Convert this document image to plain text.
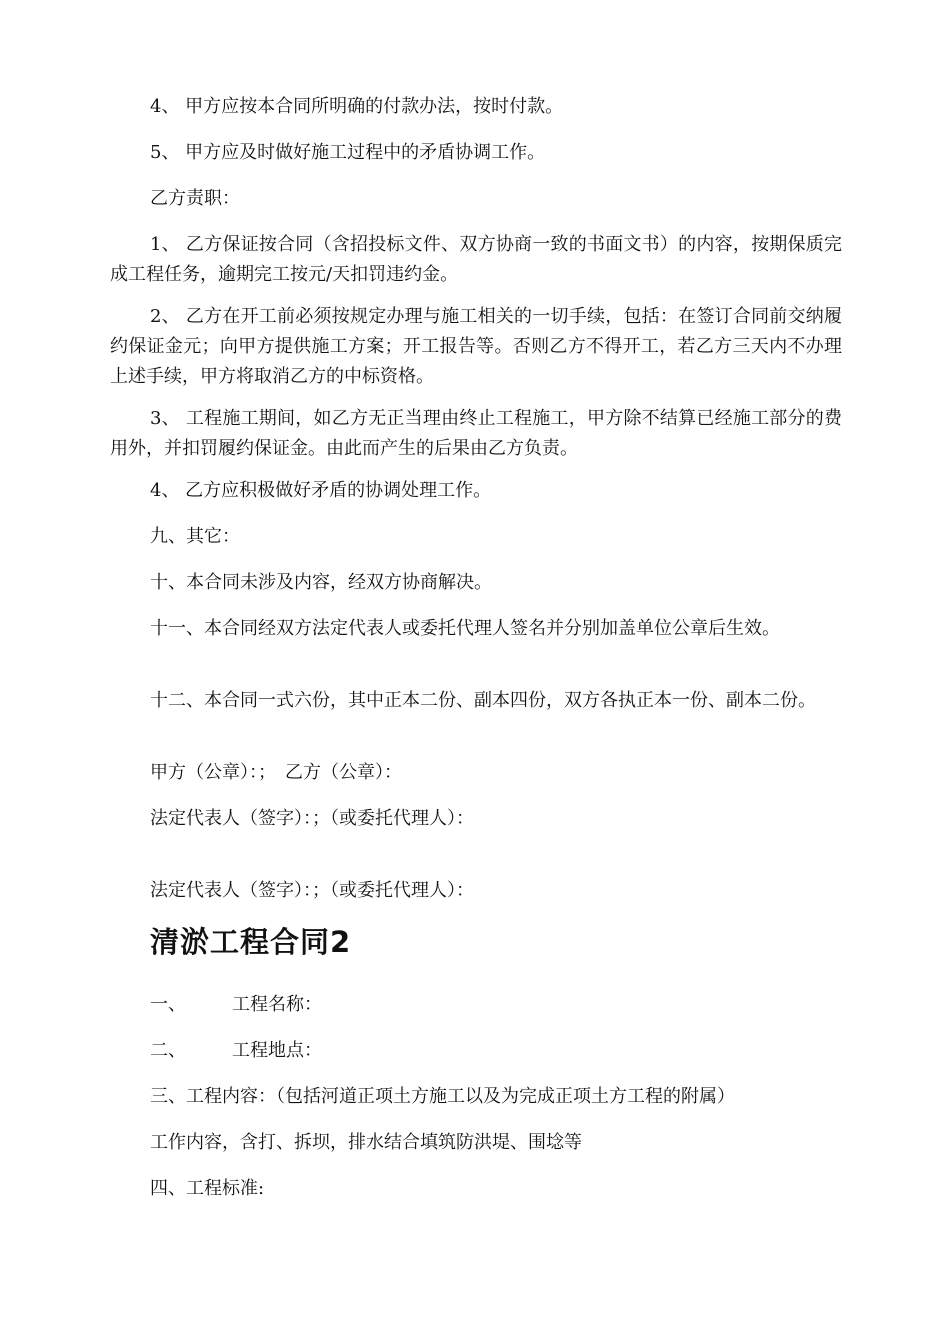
4、 甲方应按本合同所明确的付款办法，按时付款。
5、 甲方应及时做好施工过程中的矛盾协调工作。
乙方责职：
1、 乙方保证按合同（含招投标文件、双方协商一致的书面文书）的内容，按期保质完成工程任务，逾期完工按元/天扣罚违约金。
2、 乙方在开工前必须按规定办理与施工相关的一切手续，包括：在签订合同前交纳履约保证金元；向甲方提供施工方案；开工报告等。否则乙方不得开工，若乙方三天内不办理上述手续，甲方将取消乙方的中标资格。
3、 工程施工期间，如乙方无正当理由终止工程施工，甲方除不结算已经施工部分的费用外，并扣罚履约保证金。由此而产生的后果由乙方负责。
4、 乙方应积极做好矛盾的协调处理工作。
九、其它：
十、本合同未涉及内容，经双方协商解决。
十一、本合同经双方法定代表人或委托代理人签名并分别加盖单位公章后生效。
十二、本合同一式六份，其中正本二份、副本四份，双方各执正本一份、副本二份。
甲方（公章）：；　乙方（公章）：
法定代表人（签字）：；（或委托代理人）：
法定代表人（签字）：；（或委托代理人）：
清淤工程合同2
一、	工程名称：
二、	工程地点：
三、工程内容：（包括河道正项土方施工以及为完成正项土方工程的附属）
工作内容，含打、拆坝，排水结合填筑防洪堤、围埝等
四、工程标准:
